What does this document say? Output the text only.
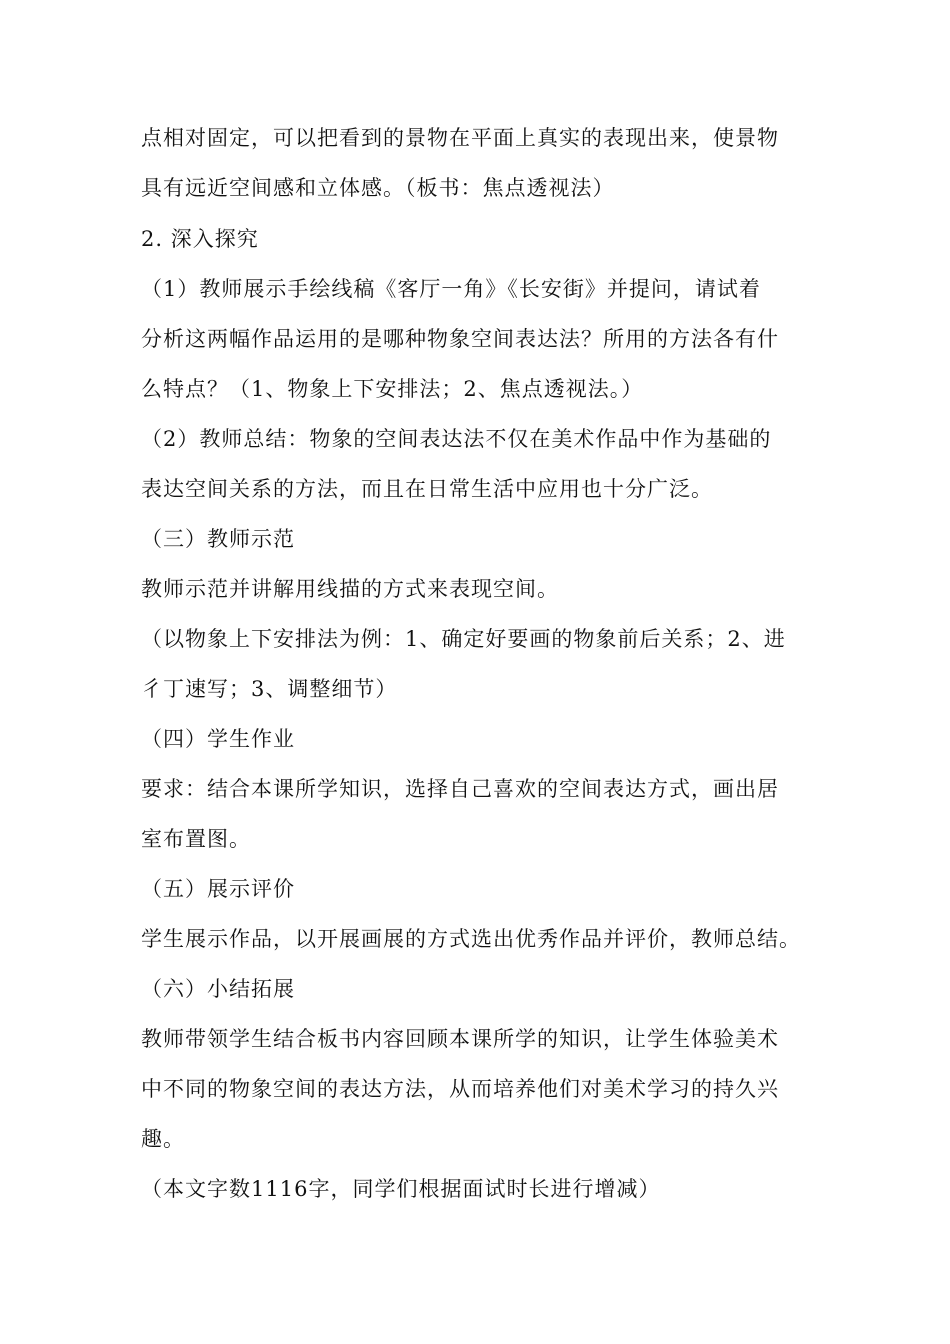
点相对固定，可以把看到的景物在平面上真实的表现出来，使景物
具有远近空间感和立体感。（板书：焦点透视法）
2. 深入探究
（1）教师展示手绘线稿《客厅一角》《长安街》并提问，请试着
分析这两幅作品运用的是哪种物象空间表达法？所用的方法各有什
么特点？（1、物象上下安排法；2、焦点透视法。）
（2）教师总结：物象的空间表达法不仅在美术作品中作为基础的
表达空间关系的方法，而且在日常生活中应用也十分广泛。
（三）教师示范
教师示范并讲解用线描的方式来表现空间。
（以物象上下安排法为例：1、确定好要画的物象前后关系；2、进
彳丁速写；3、调整细节）
（四）学生作业
要求：结合本课所学知识，选择自己喜欢的空间表达方式，画出居
室布置图。
（五）展示评价
学生展示作品，以开展画展的方式选出优秀作品并评价，教师总结。
（六）小结拓展
教师带领学生结合板书内容回顾本课所学的知识，让学生体验美术
中不同的物象空间的表达方法，从而培养他们对美术学习的持久兴
趣。
（本文字数1116字，同学们根据面试时长进行增减）
